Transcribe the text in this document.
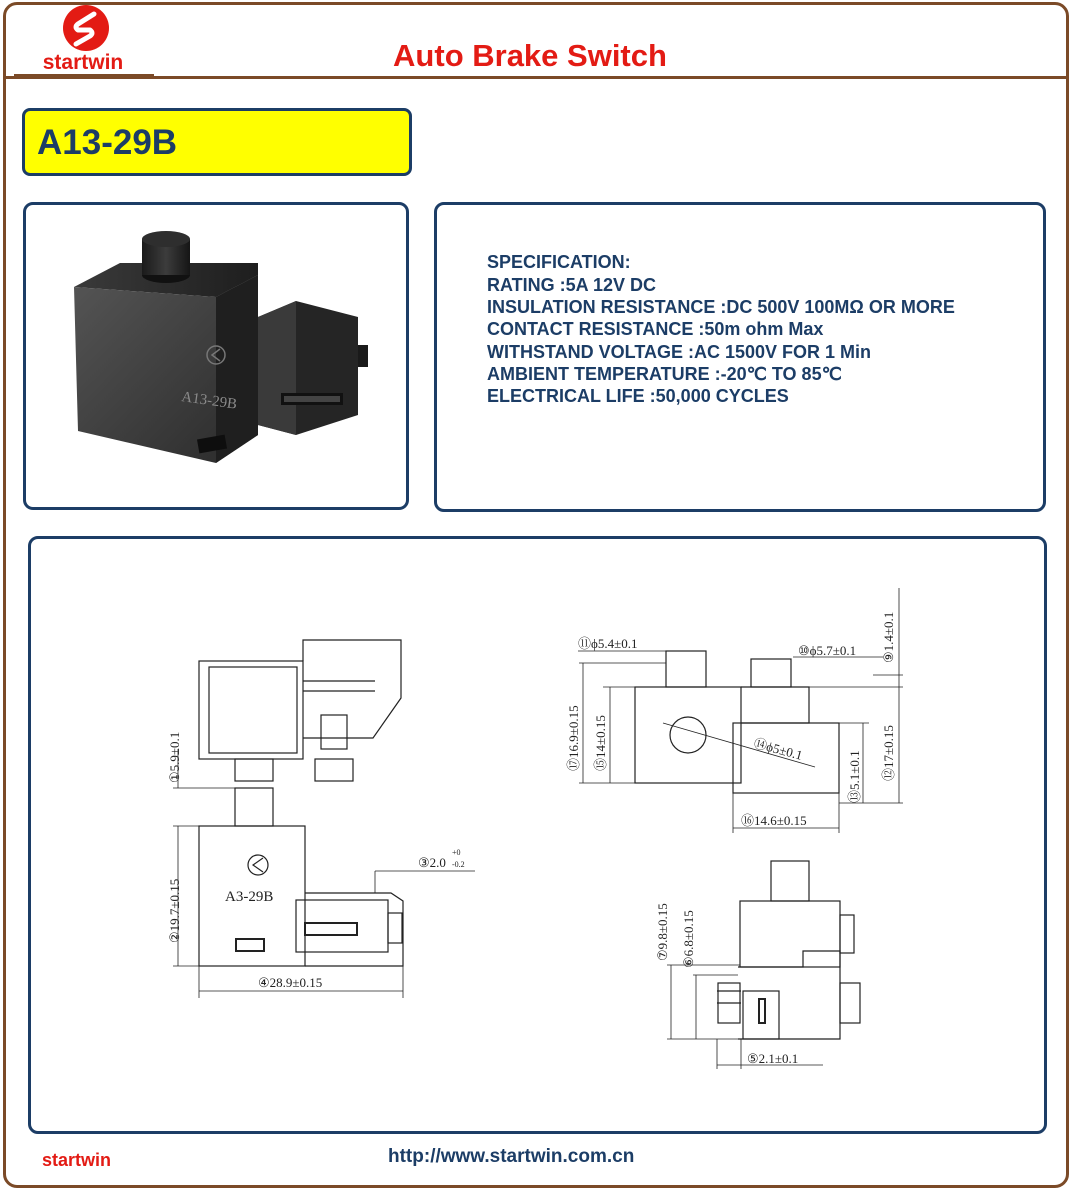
startwin	Auto Brake Switch
A13-29B
A13-29B
SPECIFICATION:
RATING :5A 12V DC
INSULATION RESISTANCE :DC 500V 100MΩ OR MORE
CONTACT RESISTANCE :50m ohm Max
WITHSTAND VOLTAGE :AC 1500V FOR 1 Min
AMBIENT TEMPERATURE :-20℃ TO 85℃
ELECTRICAL LIFE :50,000 CYCLES
A3-29B
①5.9±0.1
②19.7±0.15
③2.0
+0
-0.2
④28.9±0.15
⑪ϕ5.4±0.1	⑩ϕ5.7±0.1 ⑨1.4±0.1
⑫17±0.15
⑬5.1±0.1
⑰16.9±0.15 ⑮14±0.15	⑭ϕ5±0.1
⑯14.6±0.15
⑦9.8±0.15 ⑥6.8±0.15
⑤2.1±0.1
startwin	http://www.startwin.com.cn
